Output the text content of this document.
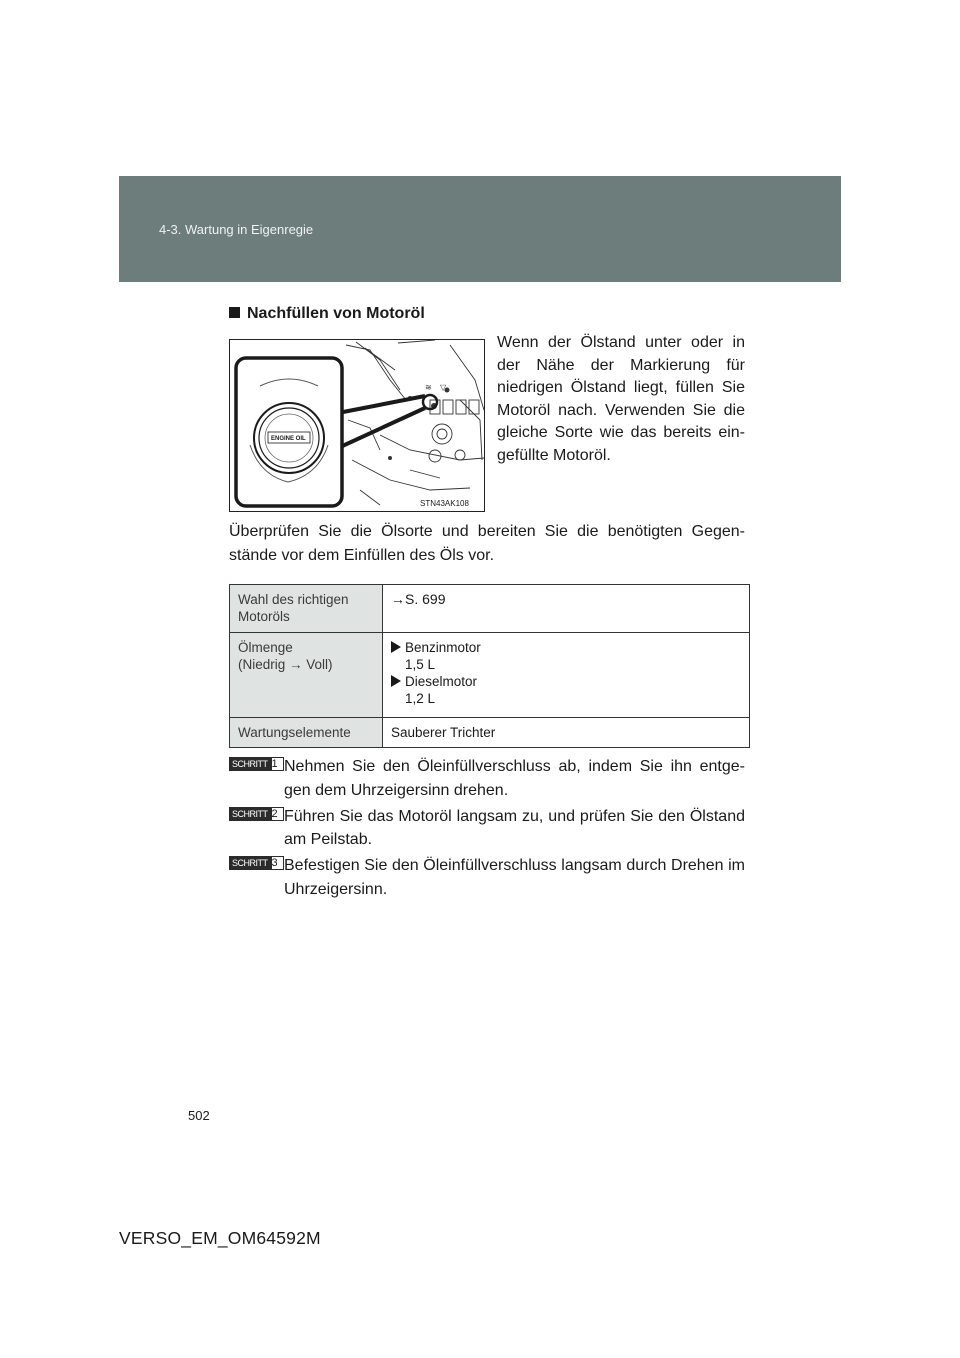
4-3. Wartung in Eigenregie
Nachfüllen von Motoröl
≋ ▽
ENGINE OIL
STN43AK108
Wenn der Ölstand unter oder in der Nähe der Markierung für niedrigen Ölstand liegt, füllen Sie Motoröl nach. Verwenden Sie die gleiche Sorte wie das bereits ein-gefüllte Motoröl.
Überprüfen Sie die Ölsorte und bereiten Sie die benötigten Gegen-stände vor dem Einfüllen des Öls vor.
Wahl des richtigen
Motoröls	→S. 699
Ölmenge
(Niedrig → Voll)	Benzinmotor

1,5 L
Dieselmotor

1,2 L

Wartungselemente	Sauberer Trichter
SCHRITT 1 Nehmen Sie den Öleinfüllverschluss ab, indem Sie ihn entge-gen dem Uhrzeigersinn drehen.
SCHRITT 2 Führen Sie das Motoröl langsam zu, und prüfen Sie den Ölstand am Peilstab.
SCHRITT 3 Befestigen Sie den Öleinfüllverschluss langsam durch Drehen im Uhrzeigersinn.
502
VERSO_EM_OM64592M
